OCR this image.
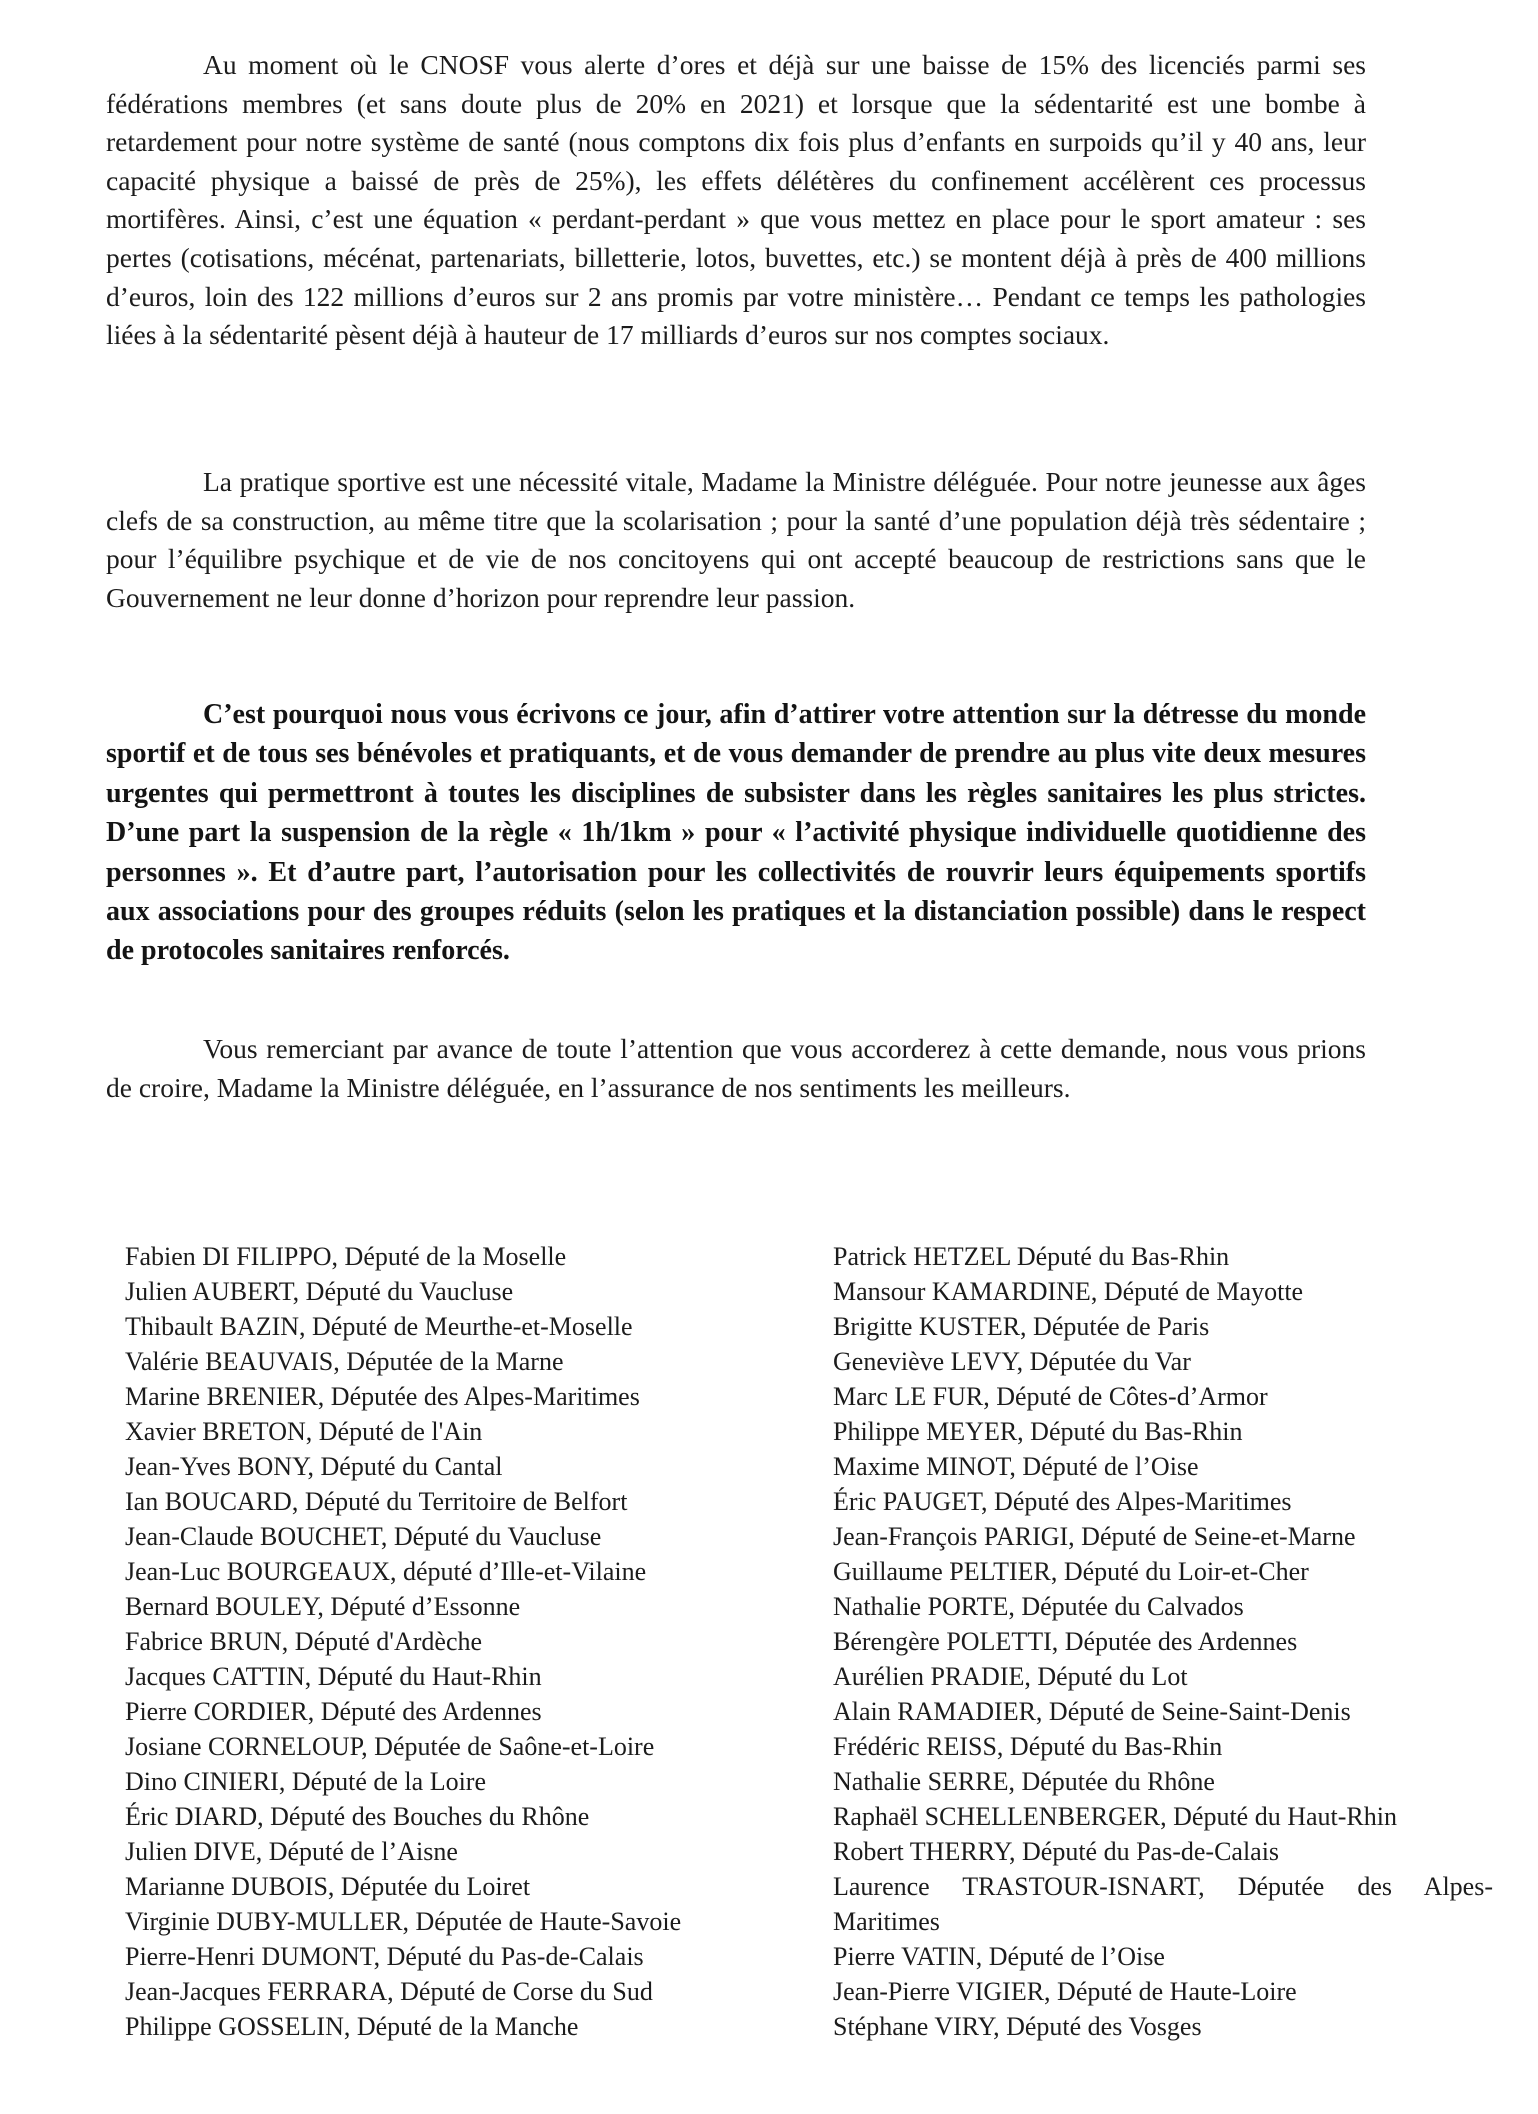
Au moment où le CNOSF vous alerte d’ores et déjà sur une baisse de 15% des licenciés parmi ses fédérations membres (et sans doute plus de 20% en 2021) et lorsque que la sédentarité est une bombe à retardement pour notre système de santé (nous comptons dix fois plus d’enfants en surpoids qu’il y 40 ans, leur capacité physique a baissé de près de 25%), les effets délétères du confinement accélèrent ces processus mortifères. Ainsi, c’est une équation « perdant-perdant » que vous mettez en place pour le sport amateur : ses pertes (cotisations, mécénat, partenariats, billetterie, lotos, buvettes, etc.) se montent déjà à près de 400 millions d’euros, loin des 122 millions d’euros sur 2 ans promis par votre ministère… Pendant ce temps les pathologies liées à la sédentarité pèsent déjà à hauteur de 17 milliards d’euros sur nos comptes sociaux.

La pratique sportive est une nécessité vitale, Madame la Ministre déléguée. Pour notre jeunesse aux âges clefs de sa construction, au même titre que la scolarisation ; pour la santé d’une population déjà très sédentaire ; pour l’équilibre psychique et de vie de nos concitoyens qui ont accepté beaucoup de restrictions sans que le Gouvernement ne leur donne d’horizon pour reprendre leur passion.

C’est pourquoi nous vous écrivons ce jour, afin d’attirer votre attention sur la détresse du monde sportif et de tous ses bénévoles et pratiquants, et de vous demander de prendre au plus vite deux mesures urgentes qui permettront à toutes les disciplines de subsister dans les règles sanitaires les plus strictes. D’une part la suspension de la règle « 1h/1km » pour « l’activité physique individuelle quotidienne des personnes ». Et d’autre part, l’autorisation pour les collectivités de rouvrir leurs équipements sportifs aux associations pour des groupes réduits (selon les pratiques et la distanciation possible) dans le respect de protocoles sanitaires renforcés.

Vous remerciant par avance de toute l’attention que vous accorderez à cette demande, nous vous prions de croire, Madame la Ministre déléguée, en l’assurance de nos sentiments les meilleurs.

Fabien DI FILIPPO, Député de la Moselle
Julien AUBERT, Député du Vaucluse
Thibault BAZIN, Député de Meurthe-et-Moselle
Valérie BEAUVAIS, Députée de la Marne
Marine BRENIER, Députée des Alpes-Maritimes
Xavier BRETON, Député de l'Ain
Jean-Yves BONY, Député du Cantal
Ian BOUCARD, Député du Territoire de Belfort
Jean-Claude BOUCHET, Député du Vaucluse
Jean-Luc BOURGEAUX, député d’Ille-et-Vilaine
Bernard BOULEY, Député d’Essonne
Fabrice BRUN, Député d'Ardèche
Jacques CATTIN, Député du Haut-Rhin
Pierre CORDIER, Député des Ardennes
Josiane CORNELOUP, Députée de Saône-et-Loire
Dino CINIERI, Député de la Loire
Éric DIARD, Député des Bouches du Rhône
Julien DIVE, Député de l’Aisne
Marianne DUBOIS, Députée du Loiret
Virginie DUBY-MULLER, Députée de Haute-Savoie
Pierre-Henri DUMONT, Député du Pas-de-Calais
Jean-Jacques FERRARA, Député de Corse du Sud
Philippe GOSSELIN, Député de la Manche
Patrick HETZEL Député du Bas-Rhin
Mansour KAMARDINE, Député de Mayotte
Brigitte KUSTER, Députée de Paris
Geneviève LEVY, Députée du Var
Marc LE FUR, Député de Côtes-d’Armor
Philippe MEYER, Député du Bas-Rhin
Maxime MINOT, Député de l’Oise
Éric PAUGET, Député des Alpes-Maritimes
Jean-François PARIGI, Député de Seine-et-Marne
Guillaume PELTIER, Député du Loir-et-Cher
Nathalie PORTE, Députée du Calvados
Bérengère POLETTI, Députée des Ardennes
Aurélien PRADIE, Député du Lot
Alain RAMADIER, Député de Seine-Saint-Denis
Frédéric REISS, Député du Bas-Rhin
Nathalie SERRE, Députée du Rhône
Raphaël SCHELLENBERGER, Député du Haut-Rhin
Robert THERRY, Député du Pas-de-Calais
Laurence TRASTOUR-ISNART, Députée des Alpes-Maritimes
Pierre VATIN, Député de l’Oise
Jean-Pierre VIGIER, Député de Haute-Loire
Stéphane VIRY, Député des Vosges
